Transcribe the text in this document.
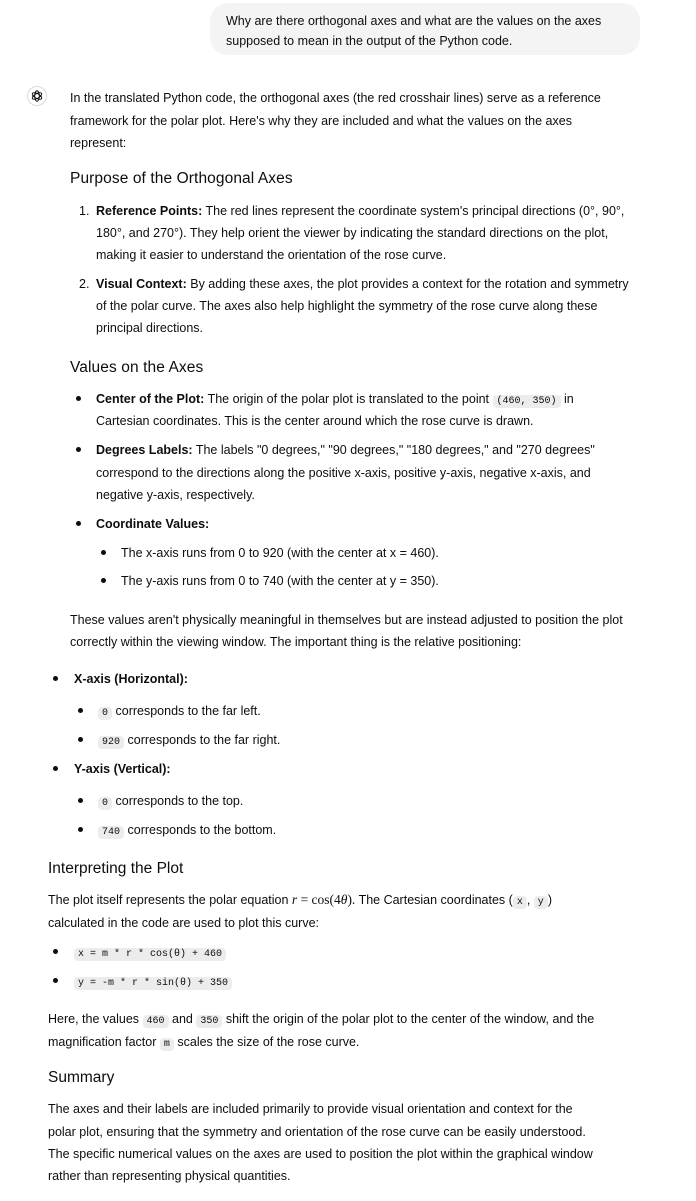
Why are there orthogonal axes and what are the values on the axes
supposed to mean in the output of the Python code.
In the translated Python code, the orthogonal axes (the red crosshair lines) serve as a reference
framework for the polar plot. Here's why they are included and what the values on the axes
represent:
Purpose of the Orthogonal Axes
1. Reference Points: The red lines represent the coordinate system's principal directions (0°, 90°,
180°, and 270°). They help orient the viewer by indicating the standard directions on the plot,
making it easier to understand the orientation of the rose curve.
2. Visual Context: By adding these axes, the plot provides a context for the rotation and symmetry
of the polar curve. The axes also help highlight the symmetry of the rose curve along these
principal directions.
Values on the Axes
Center of the Plot: The origin of the polar plot is translated to the point (460, 350) in
Cartesian coordinates. This is the center around which the rose curve is drawn.
Degrees Labels: The labels "0 degrees," "90 degrees," "180 degrees," and "270 degrees"
correspond to the directions along the positive x-axis, positive y-axis, negative x-axis, and
negative y-axis, respectively.
Coordinate Values:
The x-axis runs from 0 to 920 (with the center at x = 460).
The y-axis runs from 0 to 740 (with the center at y = 350).
These values aren't physically meaningful in themselves but are instead adjusted to position the plot
correctly within the viewing window. The important thing is the relative positioning:
X-axis (Horizontal):
0 corresponds to the far left.
920 corresponds to the far right.
Y-axis (Vertical):
0 corresponds to the top.
740 corresponds to the bottom.
Interpreting the Plot
The plot itself represents the polar equation r = cos(4θ). The Cartesian coordinates ( x , y )
calculated in the code are used to plot this curve:
x = m * r * cos(θ) + 460
y = -m * r * sin(θ) + 350
Here, the values 460 and 350 shift the origin of the polar plot to the center of the window, and the
magnification factor m scales the size of the rose curve.
Summary
The axes and their labels are included primarily to provide visual orientation and context for the
polar plot, ensuring that the symmetry and orientation of the rose curve can be easily understood.
The specific numerical values on the axes are used to position the plot within the graphical window
rather than representing physical quantities.
